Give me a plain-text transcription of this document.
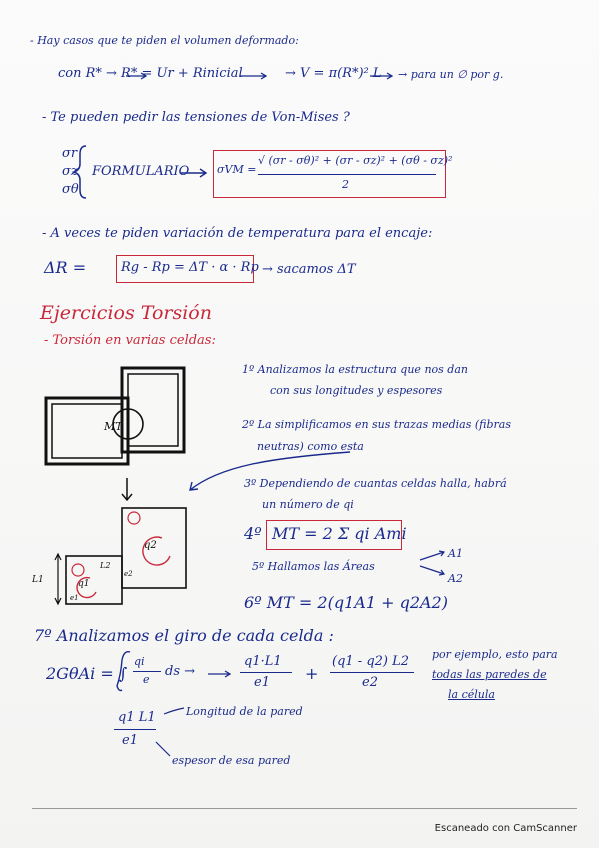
- Hay casos que te piden el volumen deformado:
con R* → R* = Ur + Rinicial	→ V = π(R*)² L → para un ∅ por g.
- Te pueden pedir las tensiones de Von-Mises ?
σr
σz
σθ
FORMULARIO	σVM =
√ (σr - σθ)² + (σr - σz)² + (σθ - σz)²
2
- A veces te piden variación de temperatura para el encaje:
ΔR =	Rg - Rp = ΔT · α · Rp → sacamos ΔT
Ejercicios Torsión
- Torsión en varias celdas:
1º Analizamos la estructura que nos dan
con sus longitudes y espesores
2º La simplificamos en sus trazas medias (fibras
neutras) como esta
3º Dependiendo de cuantas celdas halla, habrá
un número de qi
4º MT = 2 Σ qi Ami
5º Hallamos las Áreas
A1
A2
6º MT = 2(q1A1 + q2A2)
7º Analizamos el giro de cada celda :
2GθAi = ∫
qi
e
ds →
q1·L1
e1 +
(q1 - q2) L2
e2
por ejemplo, esto para
todas las paredes de
la célula
q1 L1
e1
Longitud de la pared
espesor de esa pared
MT
q2
q1
L2
e2
e1
L1
Escaneado con CamScanner
